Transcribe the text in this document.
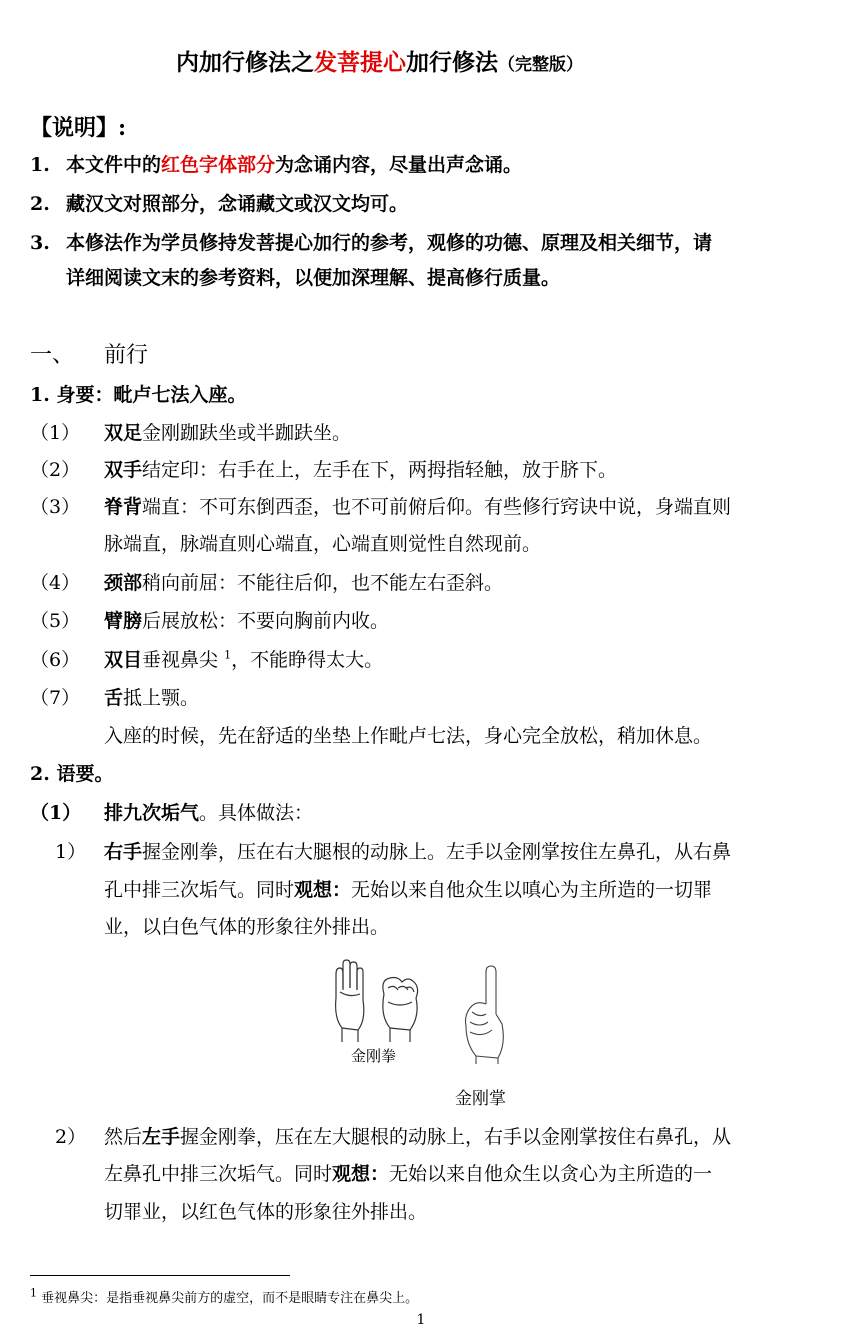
内加行修法之发菩提心加行修法（完整版）
【说明】:
1. 本文件中的红色字体部分为念诵内容，尽量出声念诵。
2. 藏汉文对照部分，念诵藏文或汉文均可。
3. 本修法作为学员修持发菩提心加行的参考，观修的功德、原理及相关细节，请
详细阅读文末的参考资料，以便加深理解、提高修行质量。
一、 前行
1. 身要：毗卢七法入座。
（1） 双足金刚跏趺坐或半跏趺坐。
（2） 双手结定印：右手在上，左手在下，两拇指轻触，放于脐下。
（3） 脊背端直：不可东倒西歪，也不可前俯后仰。有些修行窍诀中说，身端直则
脉端直，脉端直则心端直，心端直则觉性自然现前。
（4） 颈部稍向前屈：不能往后仰，也不能左右歪斜。
（5） 臂膀后展放松：不要向胸前内收。
（6） 双目垂视鼻尖 $^1$，不能睁得太大。
（7） 舌抵上颚。
入座的时候，先在舒适的坐垫上作毗卢七法，身心完全放松，稍加休息。
2. 语要。
（1） 排九次垢气。具体做法：
1） 右手握金刚拳，压在右大腿根的动脉上。左手以金刚掌按住左鼻孔，从右鼻
孔中排三次垢气。同时观想：无始以来自他众生以嗔心为主所造的一切罪
业，以白色气体的形象往外排出。
金刚拳
金刚掌
2） 然后左手握金刚拳，压在左大腿根的动脉上，右手以金刚掌按住右鼻孔，从
左鼻孔中排三次垢气。同时观想：无始以来自他众生以贪心为主所造的一
切罪业，以红色气体的形象往外排出。
$^1$ 垂视鼻尖：是指垂视鼻尖前方的虚空，而不是眼睛专注在鼻尖上。
1
